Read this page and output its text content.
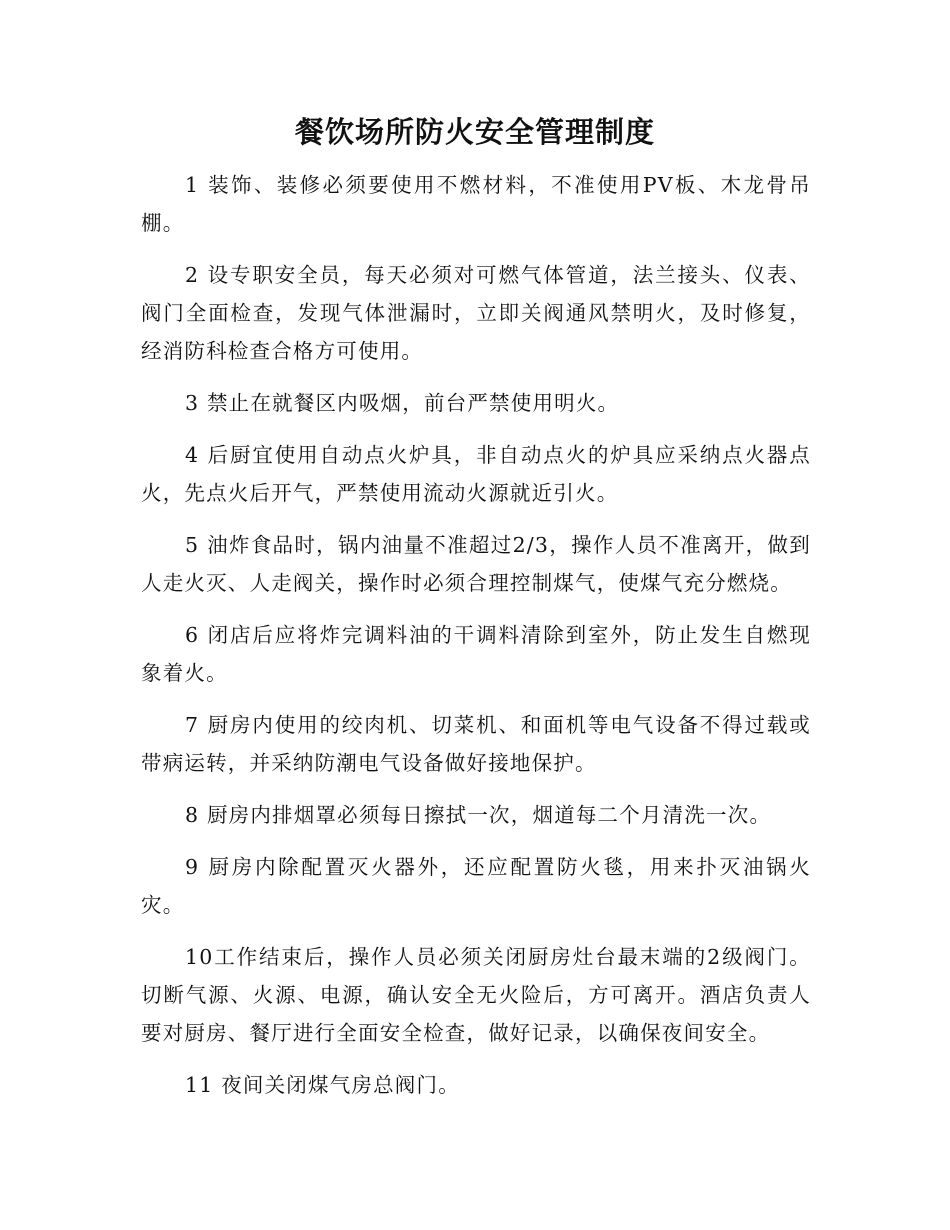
餐饮场所防火安全管理制度

1 装饰、装修必须要使用不燃材料，不准使用PV板、木龙骨吊棚。

2 设专职安全员，每天必须对可燃气体管道，法兰接头、仪表、阀门全面检查，发现气体泄漏时，立即关阀通风禁明火，及时修复，经消防科检查合格方可使用。

3 禁止在就餐区内吸烟，前台严禁使用明火。

4 后厨宜使用自动点火炉具，非自动点火的炉具应采纳点火器点火，先点火后开气，严禁使用流动火源就近引火。

5 油炸食品时，锅内油量不准超过2/3，操作人员不准离开，做到人走火灭、人走阀关，操作时必须合理控制煤气，使煤气充分燃烧。

6 闭店后应将炸完调料油的干调料清除到室外，防止发生自燃现象着火。

7 厨房内使用的绞肉机、切菜机、和面机等电气设备不得过载或带病运转，并采纳防潮电气设备做好接地保护。

8 厨房内排烟罩必须每日擦拭一次，烟道每二个月清洗一次。

9 厨房内除配置灭火器外，还应配置防火毯，用来扑灭油锅火灾。

10工作结束后，操作人员必须关闭厨房灶台最末端的2级阀门。切断气源、火源、电源，确认安全无火险后，方可离开。酒店负责人要对厨房、餐厅进行全面安全检查，做好记录，以确保夜间安全。

11 夜间关闭煤气房总阀门。
